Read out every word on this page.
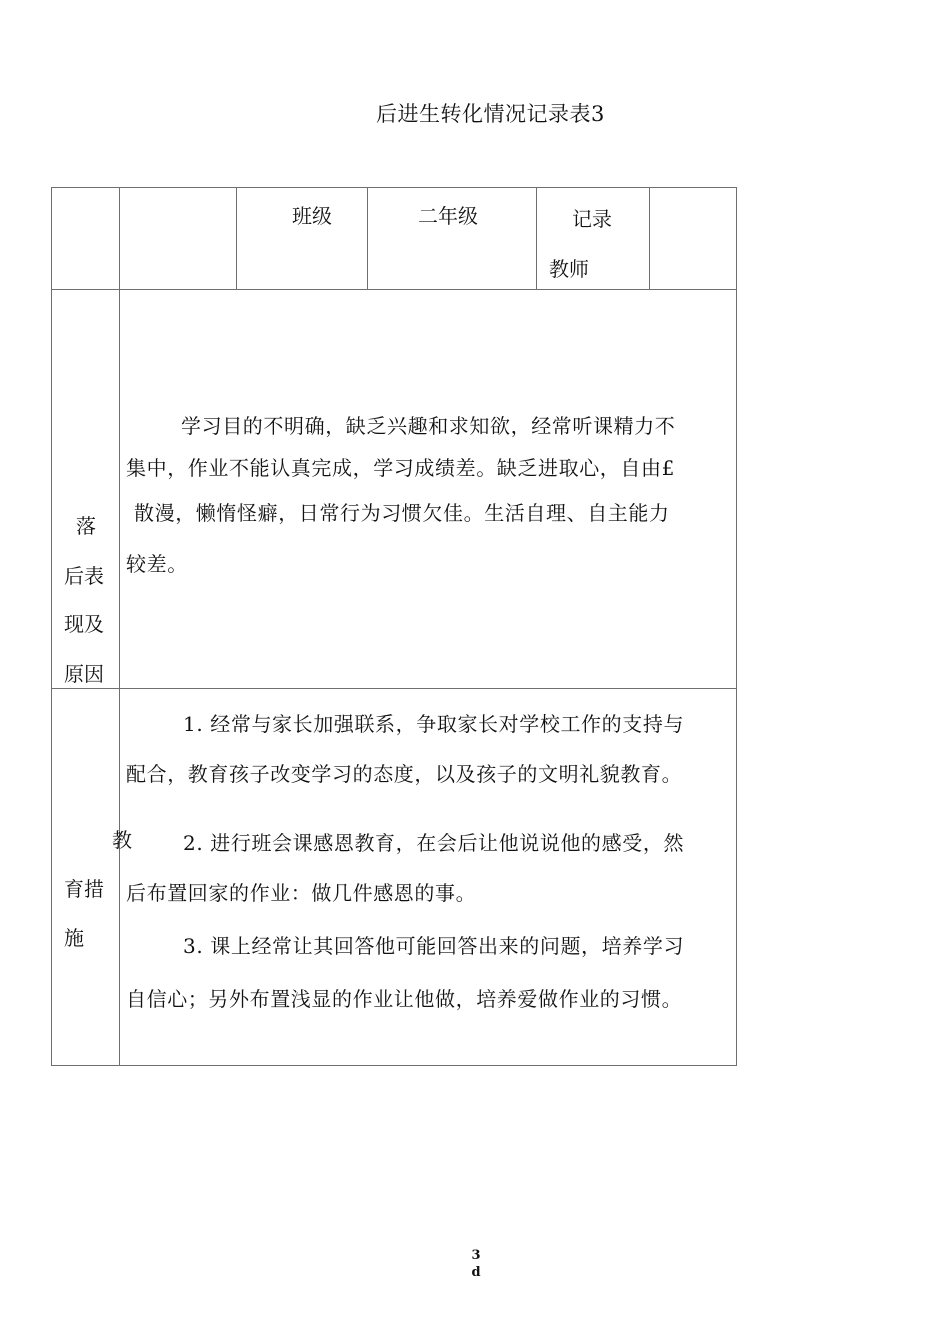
后进生转化情况记录表3
班级	二年级	记录
教师
落
后表
现及
原因
学习目的不明确，缺乏兴趣和求知欲，经常听课精力不
集中，作业不能认真完成，学习成绩差。缺乏进取心，自由£
散漫，懒惰怪癖，日常行为习惯欠佳。生活自理、自主能力
较差。
教
育措
施
1. 经常与家长加强联系，争取家长对学校工作的支持与
配合，教育孩子改变学习的态度，以及孩子的文明礼貌教育。
2. 进行班会课感恩教育，在会后让他说说他的感受，然
后布置回家的作业：做几件感恩的事。
3. 课上经常让其回答他可能回答出来的问题，培养学习
自信心；另外布置浅显的作业让他做，培养爱做作业的习惯。
3
d
